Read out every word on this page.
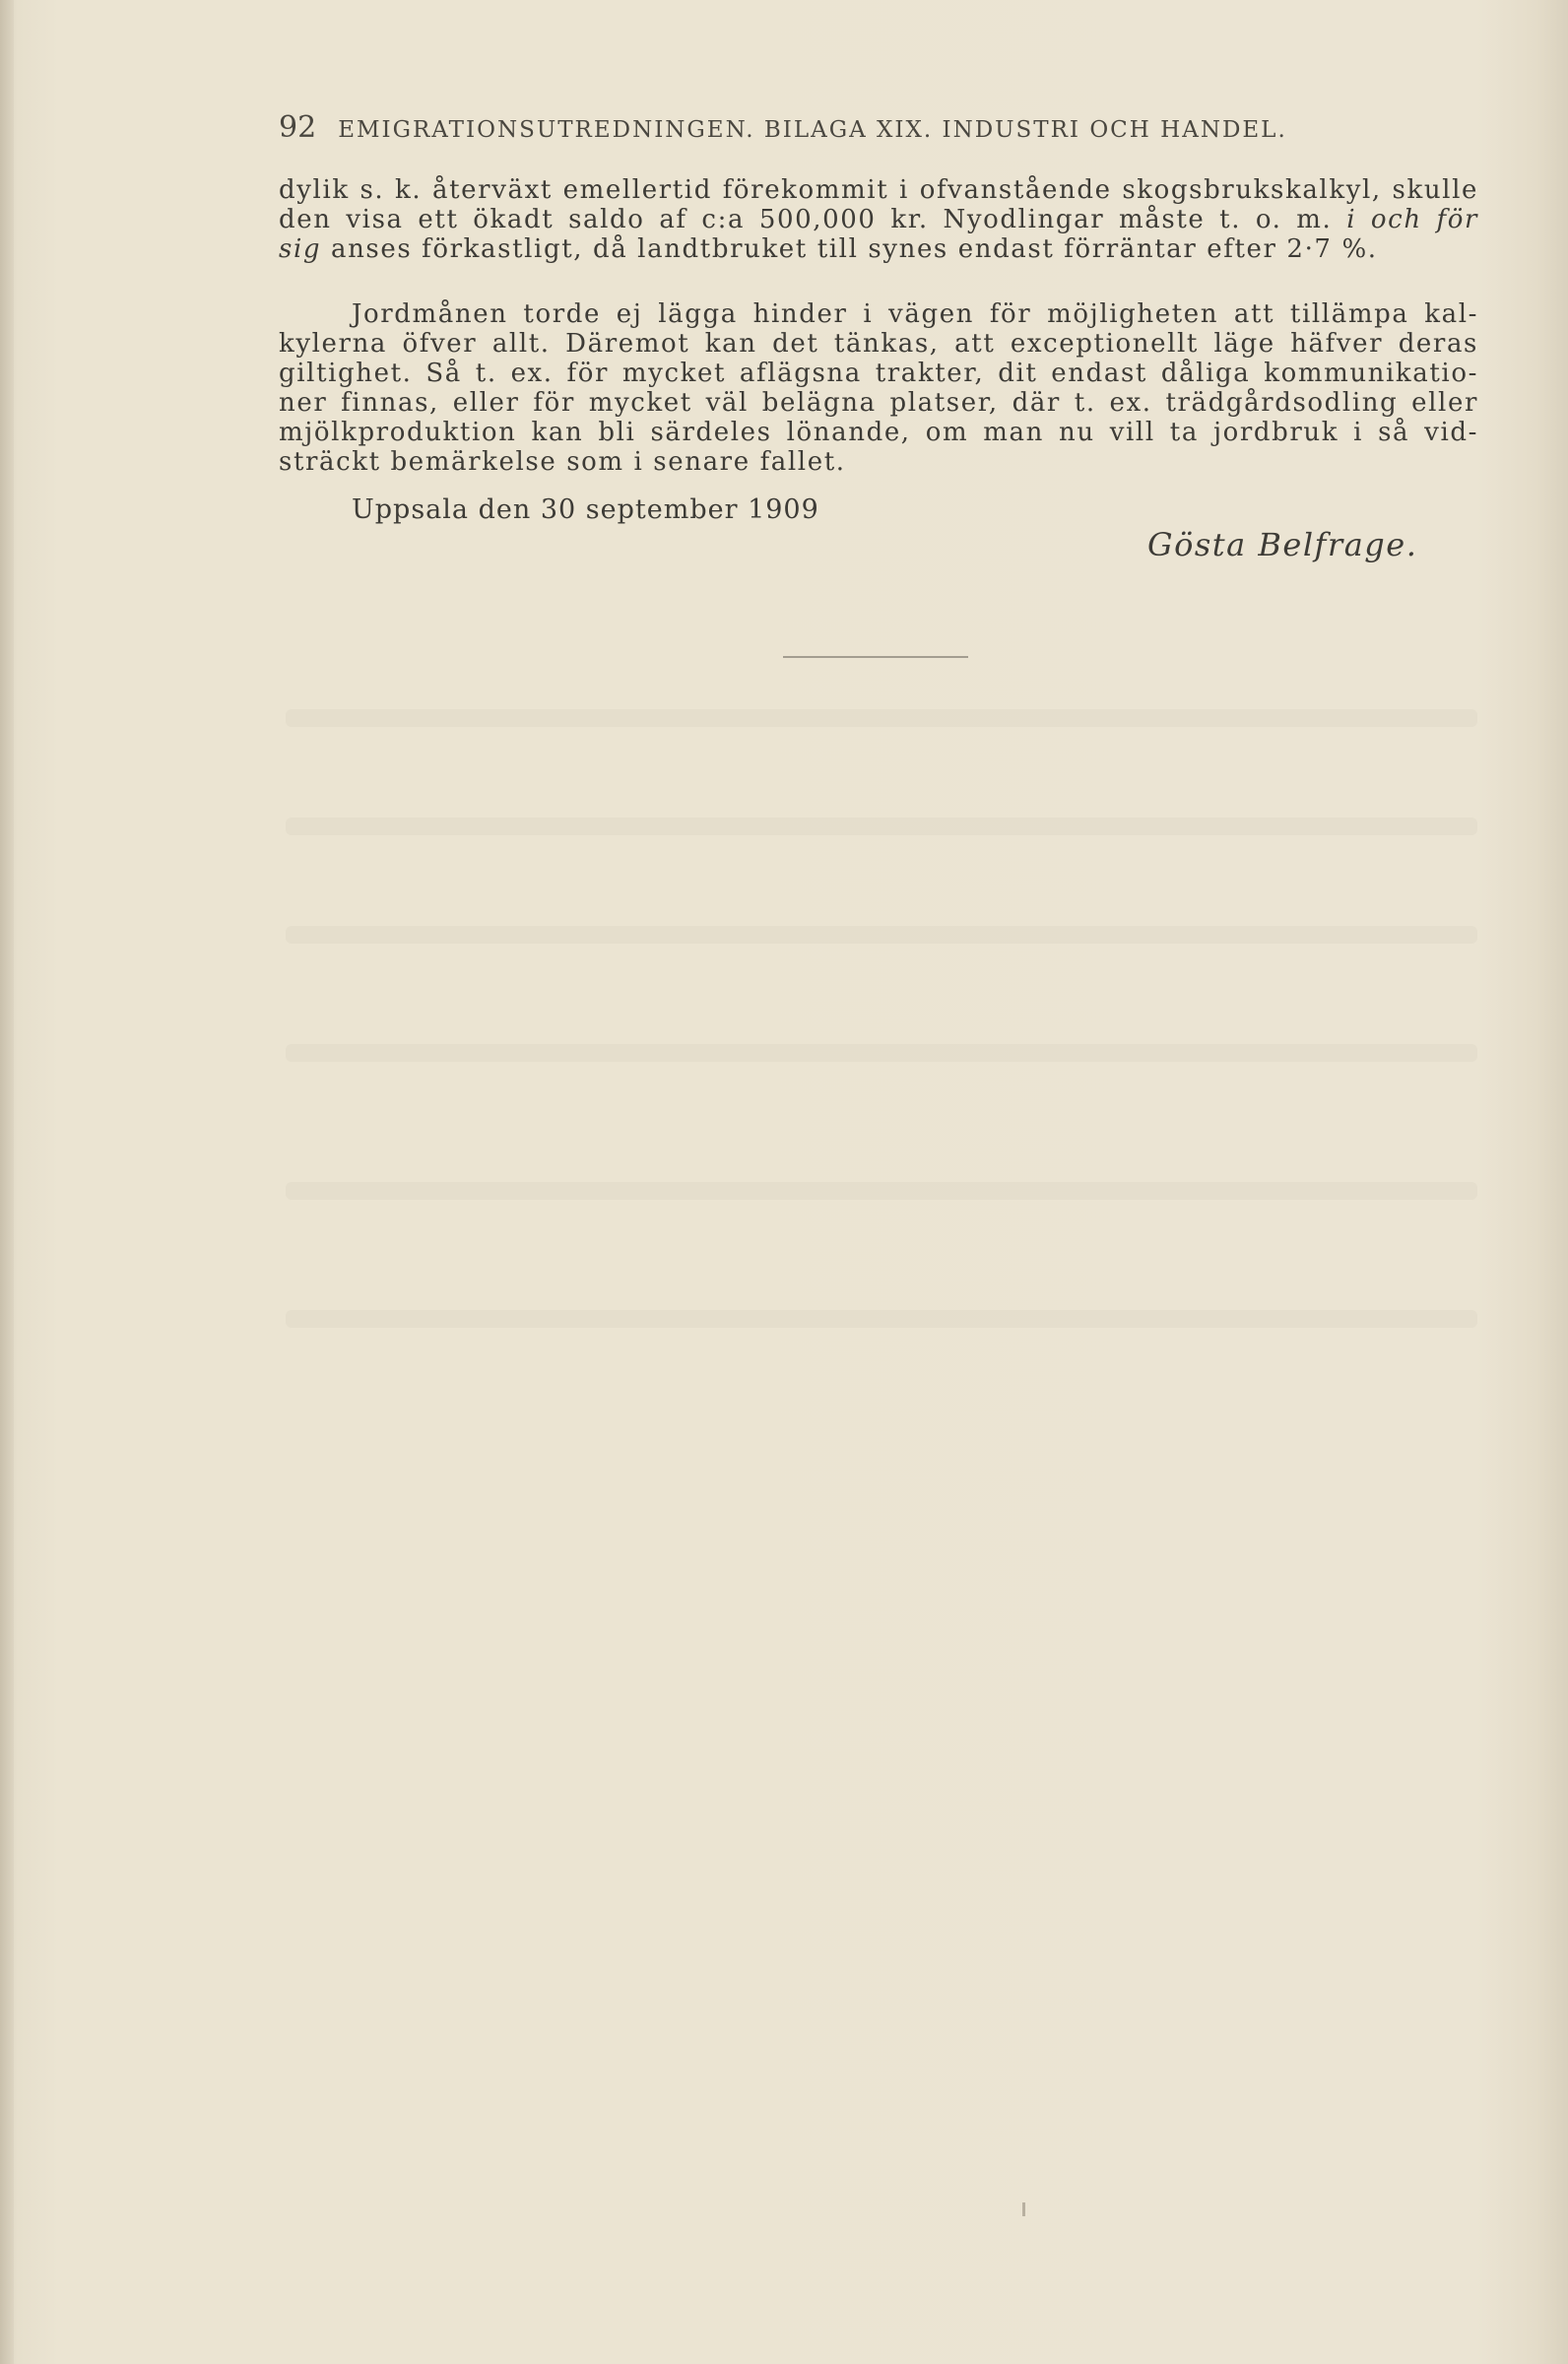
92 EMIGRATIONSUTREDNINGEN. BILAGA XIX. INDUSTRI OCH HANDEL.
dylik s. k. återväxt emellertid förekommit i ofvanstående skogsbrukskalkyl, skulle
den visa ett ökadt saldo af c:a 500,000 kr. Nyodlingar måste t. o. m. i och för
sig anses förkastligt, då landtbruket till synes endast förräntar efter 2·7 %.
Jordmånen torde ej lägga hinder i vägen för möjligheten att tillämpa kal-
kylerna öfver allt. Däremot kan det tänkas, att exceptionellt läge häfver deras
giltighet. Så t. ex. för mycket aflägsna trakter, dit endast dåliga kommunikatio-
ner finnas, eller för mycket väl belägna platser, där t. ex. trädgårdsodling eller
mjölkproduktion kan bli särdeles lönande, om man nu vill ta jordbruk i så vid-
sträckt bemärkelse som i senare fallet.
Uppsala den 30 september 1909
Gösta Belfrage.
